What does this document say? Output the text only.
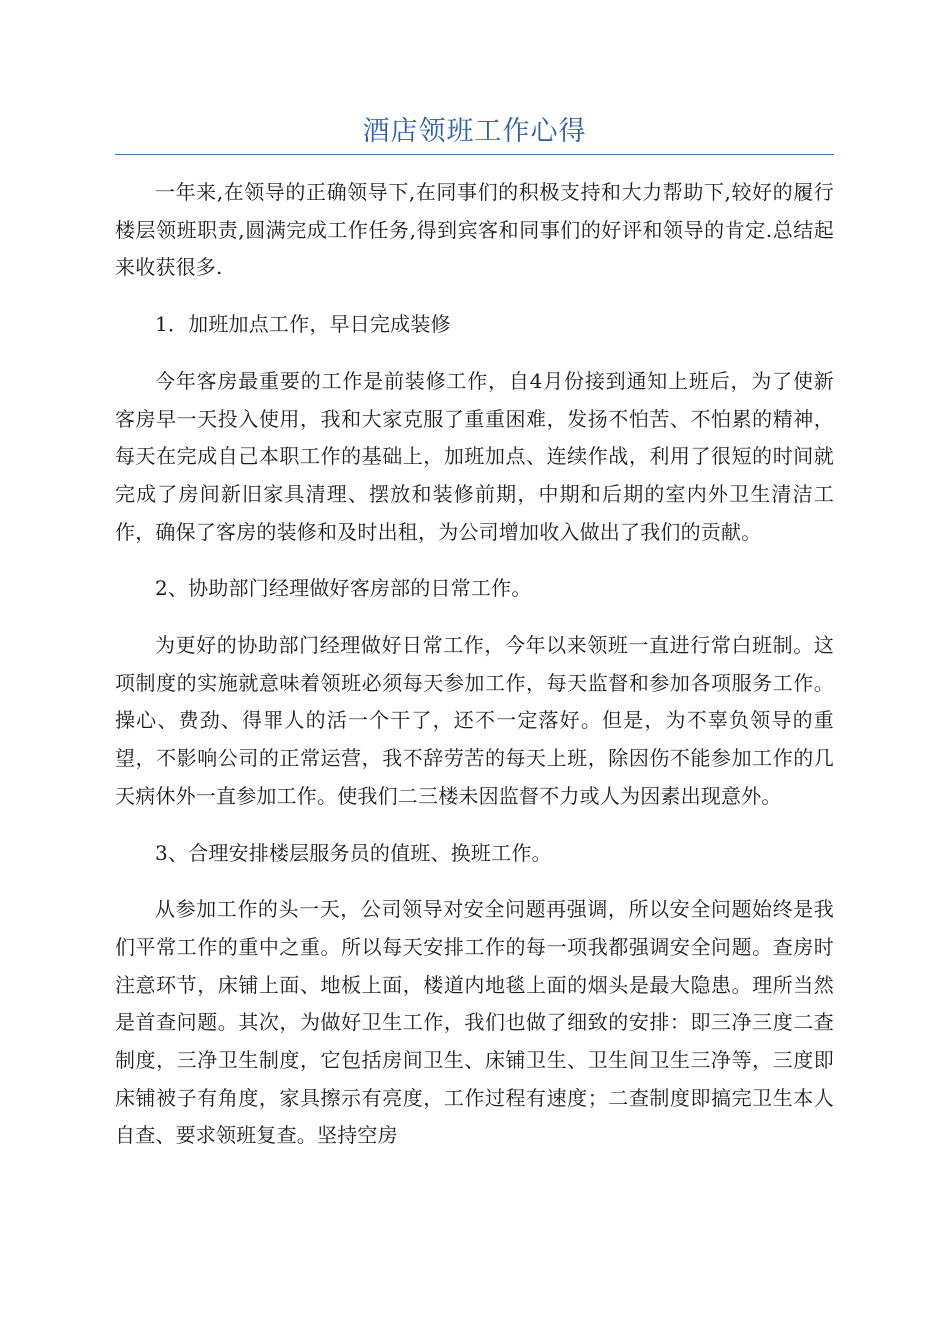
酒店领班工作心得

一年来,在领导的正确领导下,在同事们的积极支持和大力帮助下,较好的履行楼层领班职责,圆满完成工作任务,得到宾客和同事们的好评和领导的肯定.总结起来收获很多.

1．加班加点工作，早日完成装修

今年客房最重要的工作是前装修工作，自4月份接到通知上班后，为了使新客房早一天投入使用，我和大家克服了重重困难，发扬不怕苦、不怕累的精神，每天在完成自己本职工作的基础上，加班加点、连续作战，利用了很短的时间就完成了房间新旧家具清理、摆放和装修前期，中期和后期的室内外卫生清洁工作，确保了客房的装修和及时出租，为公司增加收入做出了我们的贡献。

2、协助部门经理做好客房部的日常工作。

为更好的协助部门经理做好日常工作，今年以来领班一直进行常白班制。这项制度的实施就意味着领班必须每天参加工作，每天监督和参加各项服务工作。操心、费劲、得罪人的活一个干了，还不一定落好。但是，为不辜负领导的重望，不影响公司的正常运营，我不辞劳苦的每天上班，除因伤不能参加工作的几天病休外一直参加工作。使我们二三楼未因监督不力或人为因素出现意外。

3、合理安排楼层服务员的值班、换班工作。

从参加工作的头一天，公司领导对安全问题再强调，所以安全问题始终是我们平常工作的重中之重。所以每天安排工作的每一项我都强调安全问题。查房时注意环节，床铺上面、地板上面，楼道内地毯上面的烟头是最大隐患。理所当然是首查问题。其次，为做好卫生工作，我们也做了细致的安排：即三净三度二查制度，三净卫生制度，它包括房间卫生、床铺卫生、卫生间卫生三净等，三度即床铺被子有角度，家具擦示有亮度，工作过程有速度；二查制度即搞完卫生本人自查、要求领班复查。坚持空房
